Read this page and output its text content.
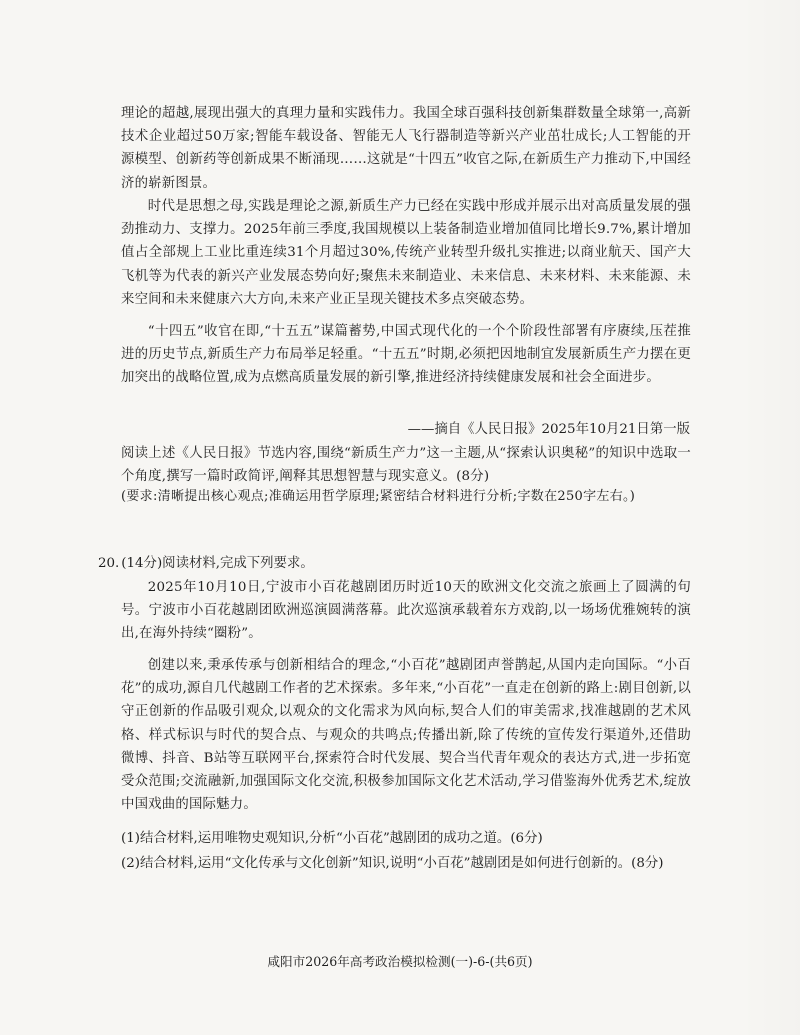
理论的超越,展现出强大的真理力量和实践伟力。我国全球百强科技创新集群数量全球第一,高新技术企业超过50万家;智能车载设备、智能无人飞行器制造等新兴产业茁壮成长;人工智能的开源模型、创新药等创新成果不断涌现……这就是“十四五”收官之际,在新质生产力推动下,中国经济的崭新图景。

时代是思想之母,实践是理论之源,新质生产力已经在实践中形成并展示出对高质量发展的强劲推动力、支撑力。2025年前三季度,我国规模以上装备制造业增加值同比增长9.7%,累计增加值占全部规上工业比重连续31个月超过30%,传统产业转型升级扎实推进;以商业航天、国产大飞机等为代表的新兴产业发展态势向好;聚焦未来制造业、未来信息、未来材料、未来能源、未来空间和未来健康六大方向,未来产业正呈现关键技术多点突破态势。

“十四五”收官在即,“十五五”谋篇蓄势,中国式现代化的一个个阶段性部署有序赓续,压茬推进的历史节点,新质生产力布局举足轻重。“十五五”时期,必须把因地制宜发展新质生产力摆在更加突出的战略位置,成为点燃高质量发展的新引擎,推进经济持续健康发展和社会全面进步。

——摘自《人民日报》2025年10月21日第一版

阅读上述《人民日报》节选内容,围绕“新质生产力”这一主题,从“探索认识奥秘”的知识中选取一个角度,撰写一篇时政简评,阐释其思想智慧与现实意义。(8分)

(要求:清晰提出核心观点;准确运用哲学原理;紧密结合材料进行分析;字数在250字左右。)

20. (14分)阅读材料,完成下列要求。

2025年10月10日,宁波市小百花越剧团历时近10天的欧洲文化交流之旅画上了圆满的句号。宁波市小百花越剧团欧洲巡演圆满落幕。此次巡演承载着东方戏韵,以一场场优雅婉转的演出,在海外持续“圈粉”。

创建以来,秉承传承与创新相结合的理念,“小百花”越剧团声誉鹊起,从国内走向国际。“小百花”的成功,源自几代越剧工作者的艺术探索。多年来,“小百花”一直走在创新的路上:剧目创新,以守正创新的作品吸引观众,以观众的文化需求为风向标,契合人们的审美需求,找准越剧的艺术风格、样式标识与时代的契合点、与观众的共鸣点;传播出新,除了传统的宣传发行渠道外,还借助微博、抖音、B站等互联网平台,探索符合时代发展、契合当代青年观众的表达方式,进一步拓宽受众范围;交流融新,加强国际文化交流,积极参加国际文化艺术活动,学习借鉴海外优秀艺术,绽放中国戏曲的国际魅力。

(1)结合材料,运用唯物史观知识,分析“小百花”越剧团的成功之道。(6分)

(2)结合材料,运用“文化传承与文化创新”知识,说明“小百花”越剧团是如何进行创新的。(8分)

咸阳市2026年高考政治模拟检测(一)-6-(共6页)
